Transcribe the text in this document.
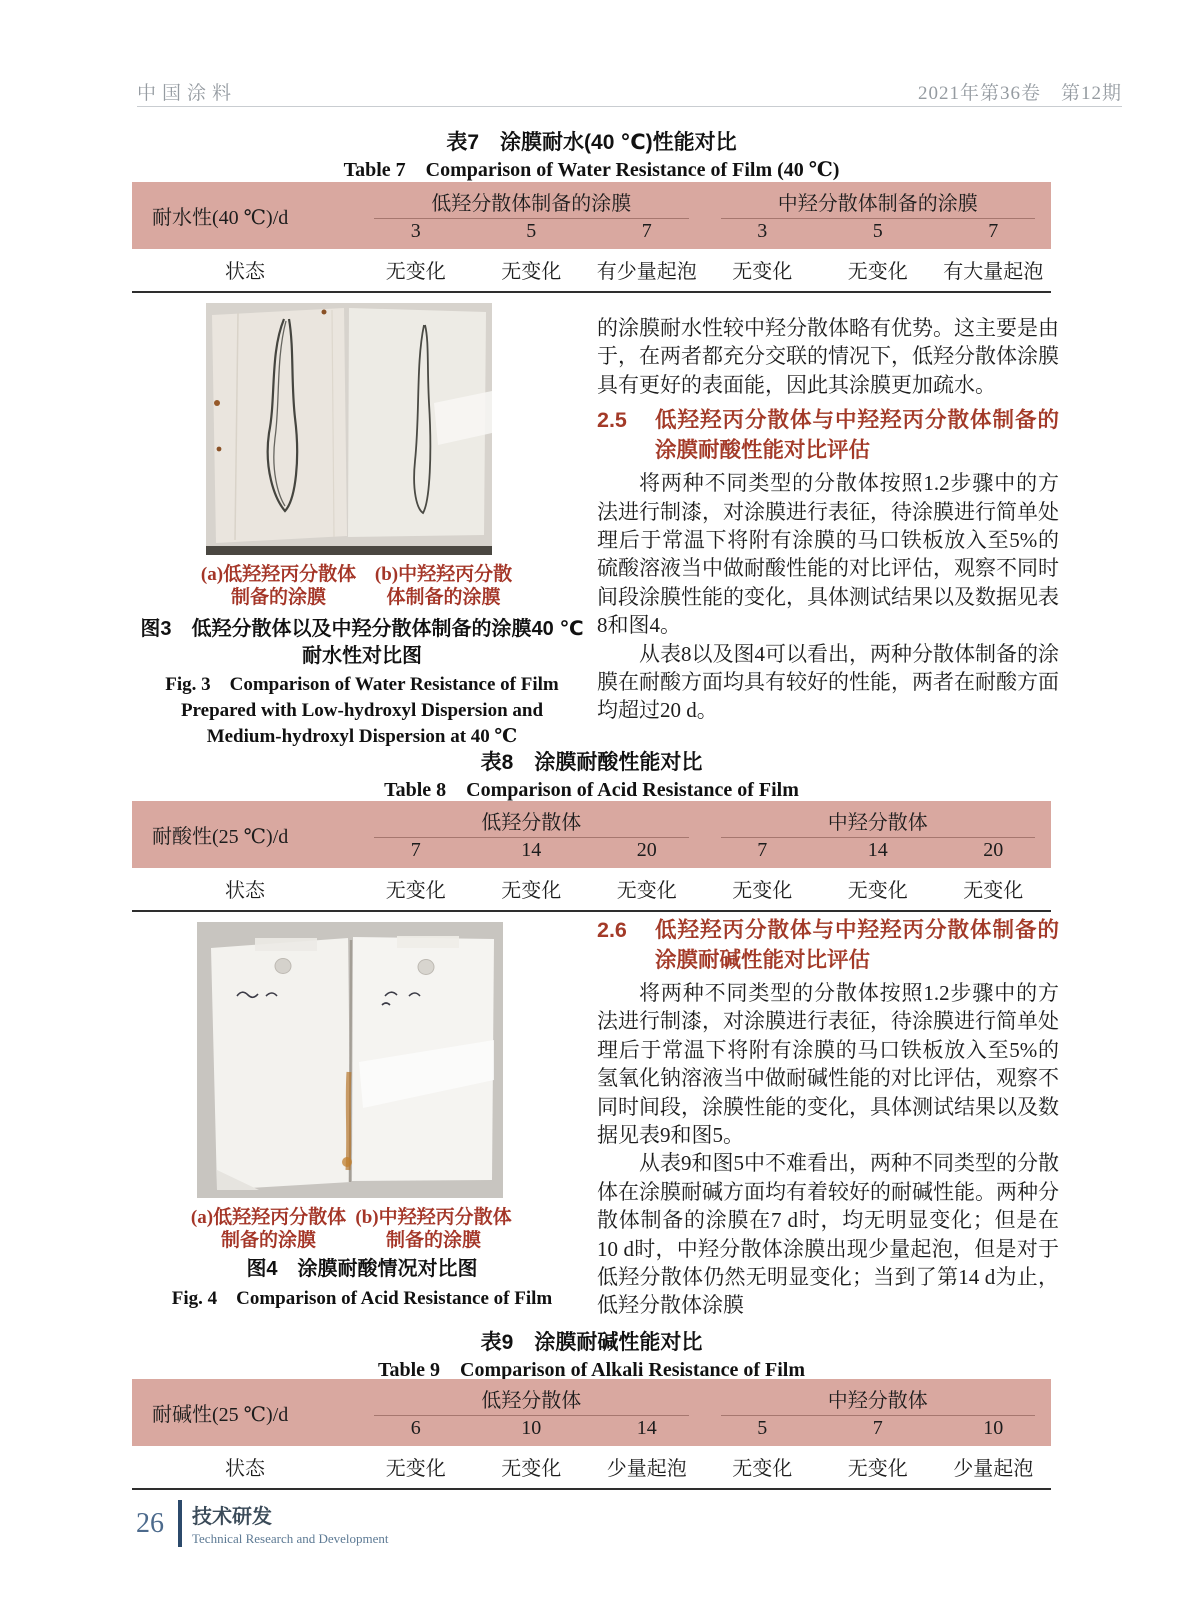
中国涂料	2021年第36卷　第12期
表7　涂膜耐水(40 ℃)性能对比
Table 7　Comparison of Water Resistance of Film (40 ℃)
耐水性(40 ℃)/d	低羟分散体制备的涂膜			中羟分散体制备的涂膜		

	3	5	7	3	5	7
状态	无变化	无变化	有少量起泡	无变化	无变化	有大量起泡
(a)低羟羟丙分散体
制备的涂膜
(b)中羟羟丙分散
体制备的涂膜
图3　低羟分散体以及中羟分散体制备的涂膜40 ℃耐水性对比图
Fig. 3　Comparison of Water Resistance of Film Prepared with Low-hydroxyl Dispersion and Medium-hydroxyl Dispersion at 40 ℃

的涂膜耐水性较中羟分散体略有优势。这主要是由于，在两者都充分交联的情况下，低羟分散体涂膜具有更好的表面能，因此其涂膜更加疏水。

2.5	低羟羟丙分散体与中羟羟丙分散体制备的涂膜耐酸性能对比评估

将两种不同类型的分散体按照1.2步骤中的方法进行制漆，对涂膜进行表征，待涂膜进行简单处理后于常温下将附有涂膜的马口铁板放入至5%的硫酸溶液当中做耐酸性能的对比评估，观察不同时间段涂膜性能的变化，具体测试结果以及数据见表8和图4。

从表8以及图4可以看出，两种分散体制备的涂膜在耐酸方面均具有较好的性能，两者在耐酸方面均超过20 d。

表8　涂膜耐酸性能对比
Table 8　Comparison of Acid Resistance of Film
耐酸性(25 ℃)/d	低羟分散体			中羟分散体		

	7	14	20	7	14	20
状态	无变化	无变化	无变化	无变化	无变化	无变化
(a)低羟羟丙分散体
制备的涂膜
(b)中羟羟丙分散体
制备的涂膜
图4　涂膜耐酸情况对比图
Fig. 4　Comparison of Acid Resistance of Film
2.6	低羟羟丙分散体与中羟羟丙分散体制备的涂膜耐碱性能对比评估

将两种不同类型的分散体按照1.2步骤中的方法进行制漆，对涂膜进行表征，待涂膜进行简单处理后于常温下将附有涂膜的马口铁板放入至5%的氢氧化钠溶液当中做耐碱性能的对比评估，观察不同时间段，涂膜性能的变化，具体测试结果以及数据见表9和图5。

从表9和图5中不难看出，两种不同类型的分散体在涂膜耐碱方面均有着较好的耐碱性能。两种分散体制备的涂膜在7 d时，均无明显变化；但是在10 d时，中羟分散体涂膜出现少量起泡，但是对于低羟分散体仍然无明显变化；当到了第14 d为止，低羟分散体涂膜

表9　涂膜耐碱性能对比
Table 9　Comparison of Alkali Resistance of Film
耐碱性(25 ℃)/d	低羟分散体			中羟分散体		

	6	10	14	5	7	10
状态	无变化	无变化	少量起泡	无变化	无变化	少量起泡
26 技术研发
Technical Research and Development
